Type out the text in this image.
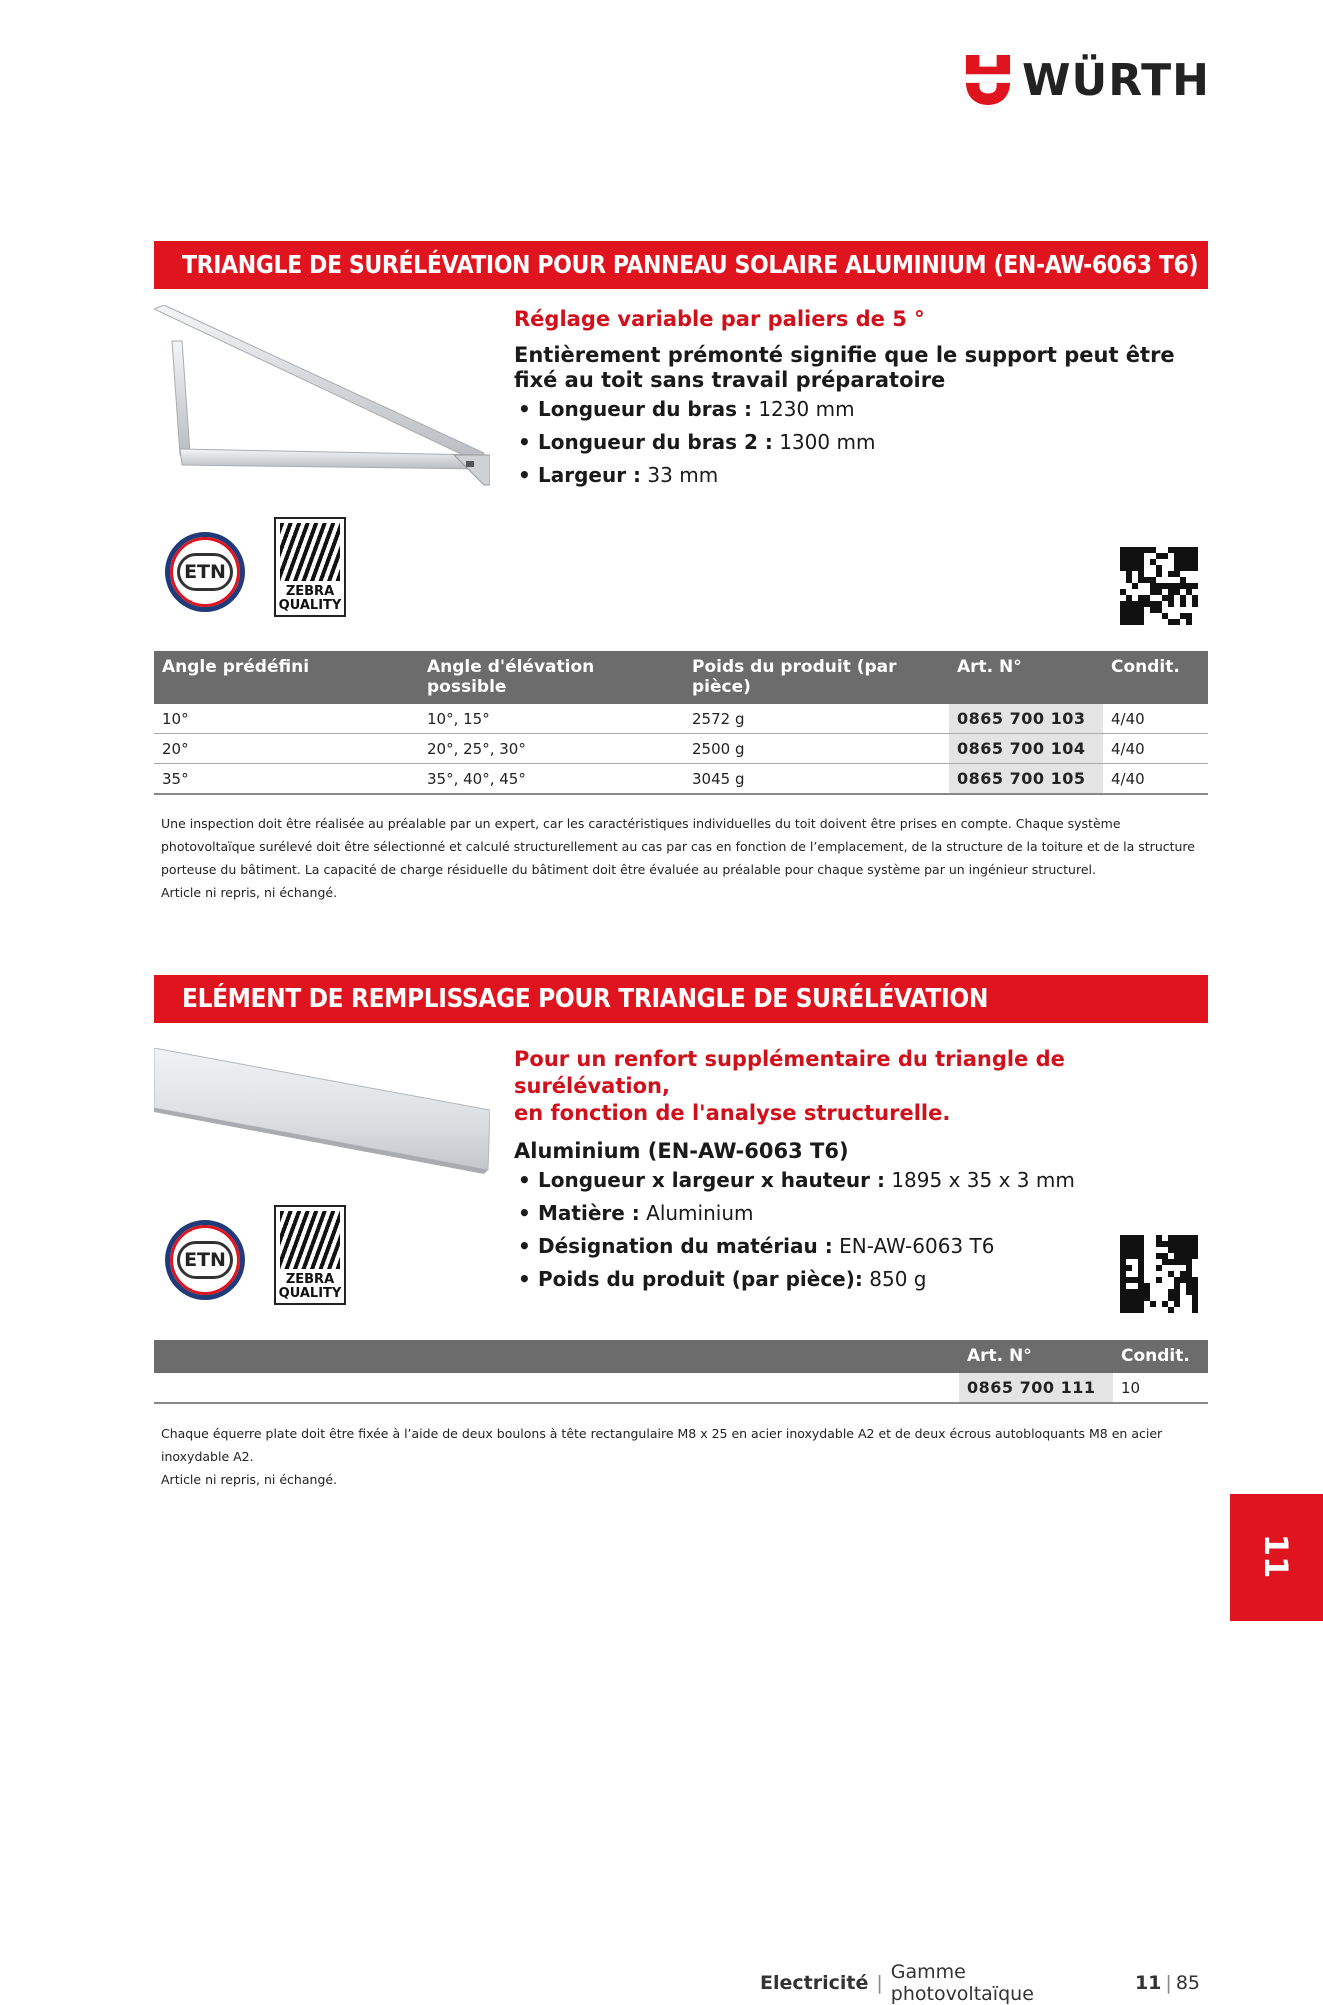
WÜRTH
TRIANGLE DE SURÉLÉVATION POUR PANNEAU SOLAIRE ALUMINIUM (EN-AW-6063 T6)
Réglage variable par paliers de 5 °
Entièrement prémonté signifie que le support peut être fixé au toit sans travail préparatoire
• Longueur du bras : 1230 mm
• Longueur du bras 2 : 1300 mm
• Largeur : 33 mm
ETN
ZEBRA
QUALITY
Angle prédéfini	Angle d'élévation possible	Poids du produit (par pièce)	Art. N°	Condit.
10°	10°, 15°	2572 g	0865 700 103	4/40
20°	20°, 25°, 30°	2500 g	0865 700 104	4/40
35°	35°, 40°, 45°	3045 g	0865 700 105	4/40
Une inspection doit être réalisée au préalable par un expert, car les caractéristiques individuelles du toit doivent être prises en compte. Chaque système
photovoltaïque surélevé doit être sélectionné et calculé structurellement au cas par cas en fonction de l’emplacement, de la structure de la toiture et de la structure
porteuse du bâtiment. La capacité de charge résiduelle du bâtiment doit être évaluée au préalable pour chaque système par un ingénieur structurel.
Article ni repris, ni échangé.
ELÉMENT DE REMPLISSAGE POUR TRIANGLE DE SURÉLÉVATION
Pour un renfort supplémentaire du triangle de surélévation,
en fonction de l'analyse structurelle.
Aluminium (EN-AW-6063 T6)
• Longueur x largeur x hauteur : 1895 x 35 x 3 mm
• Matière : Aluminium
• Désignation du matériau : EN-AW-6063 T6
• Poids du produit (par pièce): 850 g
ETN
ZEBRA
QUALITY
	Art. N°	Condit.
	0865 700 111	10
Chaque équerre plate doit être fixée à l’aide de deux boulons à tête rectangulaire M8 x 25 en acier inoxydable A2 et de deux écrous autobloquants M8 en acier
inoxydable A2.
Article ni repris, ni échangé.
11
Electricité | Gamme photovoltaïque	11 | 85
